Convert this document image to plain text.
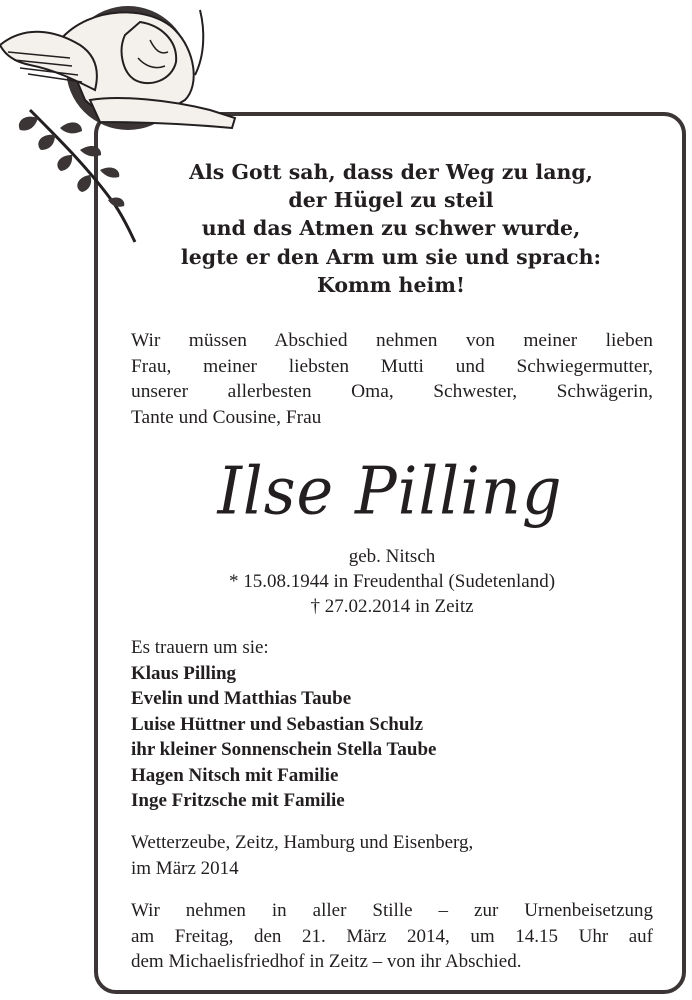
Als Gott sah, dass der Weg zu lang,
der Hügel zu steil
und das Atmen zu schwer wurde,
legte er den Arm um sie und sprach:
Komm heim!
Wir müssen Abschied nehmen von meiner lieben
Frau, meiner liebsten Mutti und Schwiegermutter,
unserer allerbesten Oma, Schwester, Schwägerin,
Tante und Cousine, Frau
Ilse Pilling
geb. Nitsch
* 15.08.1944 in Freudenthal (Sudetenland)
† 27.02.2014 in Zeitz
Es trauern um sie:
Klaus Pilling
Evelin und Matthias Taube
Luise Hüttner und Sebastian Schulz
ihr kleiner Sonnenschein Stella Taube
Hagen Nitsch mit Familie
Inge Fritzsche mit Familie
Wetterzeube, Zeitz, Hamburg und Eisenberg,
im März 2014
Wir nehmen in aller Stille – zur Urnenbeisetzung
am Freitag, den 21. März 2014, um 14.15 Uhr auf
dem Michaelisfriedhof in Zeitz – von ihr Abschied.
